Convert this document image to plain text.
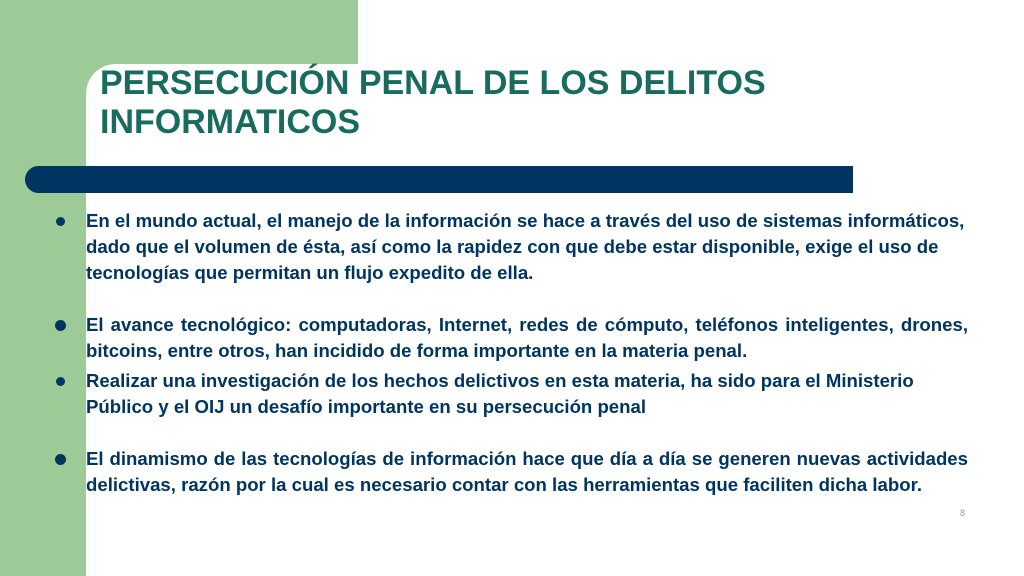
PERSECUCIÓN PENAL DE LOS DELITOS
INFORMATICOS
En el mundo actual, el manejo de la información se hace a través del uso de sistemas informáticos, dado que el volumen de ésta, así como la rapidez con que debe estar disponible, exige el uso de tecnologías que permitan un flujo expedito de ella.
El avance tecnológico: computadoras, Internet, redes de cómputo, teléfonos inteligentes, drones, bitcoins, entre otros, han incidido de forma importante en la materia penal.
Realizar una investigación de los hechos delictivos en esta materia, ha sido para el Ministerio Público y el OIJ un desafío importante en su persecución penal
El dinamismo de las tecnologías de información hace que día a día se generen nuevas actividades delictivas, razón por la cual es necesario contar con las herramientas que faciliten dicha labor.
8
